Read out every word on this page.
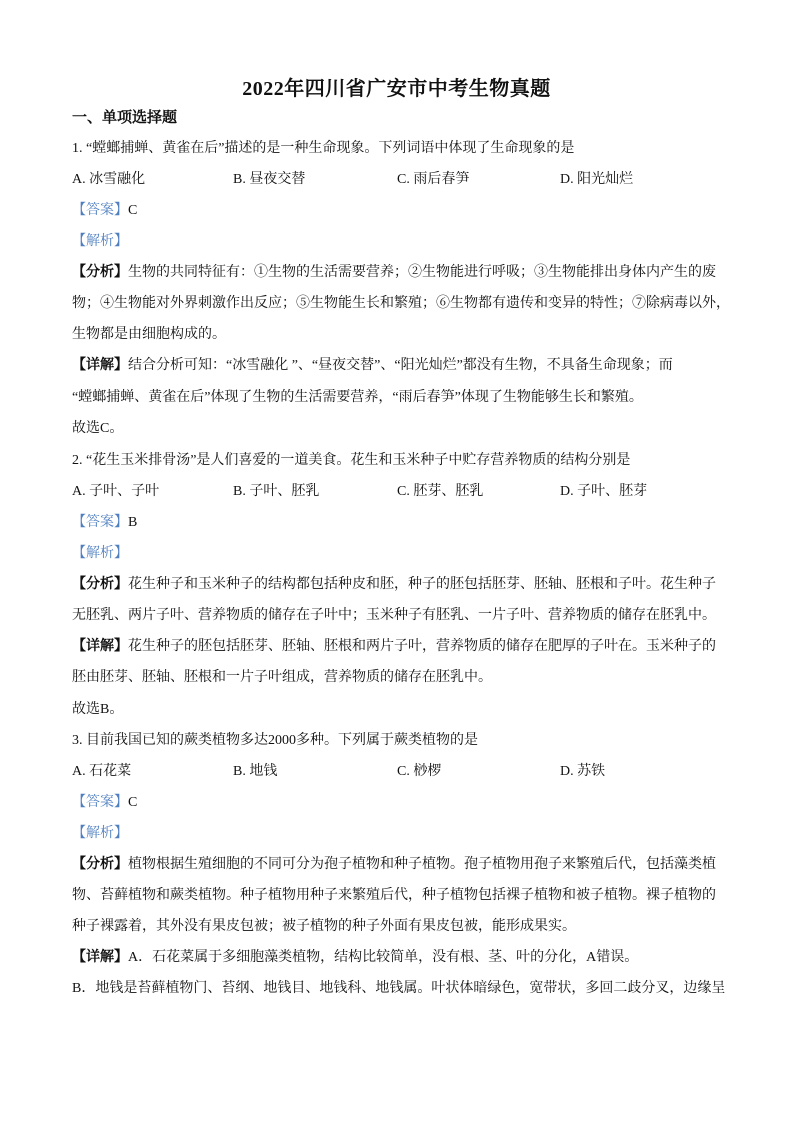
2022年四川省广安市中考生物真题
一、单项选择题
1. “螳螂捕蝉、黄雀在后”描述的是一种生命现象。下列词语中体现了生命现象的是
A. 冰雪融化	B. 昼夜交替	C. 雨后春笋	D. 阳光灿烂
【答案】C
【解析】
【分析】生物的共同特征有：①生物的生活需要营养；②生物能进行呼吸；③生物能排出身体内产生的废
物；④生物能对外界刺激作出反应；⑤生物能生长和繁殖；⑥生物都有遗传和变异的特性；⑦除病毒以外，
生物都是由细胞构成的。
【详解】结合分析可知：“冰雪融化 ”、“昼夜交替”、“阳光灿烂”都没有生物，不具备生命现象；而
“螳螂捕蝉、黄雀在后”体现了生物的生活需要营养，“雨后春笋”体现了生物能够生长和繁殖。
故选C。
2. “花生玉米排骨汤”是人们喜爱的一道美食。花生和玉米种子中贮存营养物质的结构分别是
A. 子叶、子叶	B. 子叶、胚乳	C. 胚芽、胚乳	D. 子叶、胚芽
【答案】B
【解析】
【分析】花生种子和玉米种子的结构都包括种皮和胚，种子的胚包括胚芽、胚轴、胚根和子叶。花生种子
无胚乳、两片子叶、营养物质的储存在子叶中；玉米种子有胚乳、一片子叶、营养物质的储存在胚乳中。
【详解】花生种子的胚包括胚芽、胚轴、胚根和两片子叶，营养物质的储存在肥厚的子叶在。玉米种子的
胚由胚芽、胚轴、胚根和一片子叶组成，营养物质的储存在胚乳中。
故选B。
3. 目前我国已知的蕨类植物多达2000多种。下列属于蕨类植物的是
A. 石花菜	B. 地钱	C. 桫椤	D. 苏铁
【答案】C
【解析】
【分析】植物根据生殖细胞的不同可分为孢子植物和种子植物。孢子植物用孢子来繁殖后代，包括藻类植
物、苔藓植物和蕨类植物。种子植物用种子来繁殖后代，种子植物包括裸子植物和被子植物。裸子植物的
种子裸露着，其外没有果皮包被；被子植物的种子外面有果皮包被，能形成果实。
【详解】A．石花菜属于多细胞藻类植物，结构比较简单，没有根、茎、叶的分化，A错误。
B．地钱是苔藓植物门、苔纲、地钱目、地钱科、地钱属。叶状体暗绿色，宽带状，多回二歧分叉，边缘呈
